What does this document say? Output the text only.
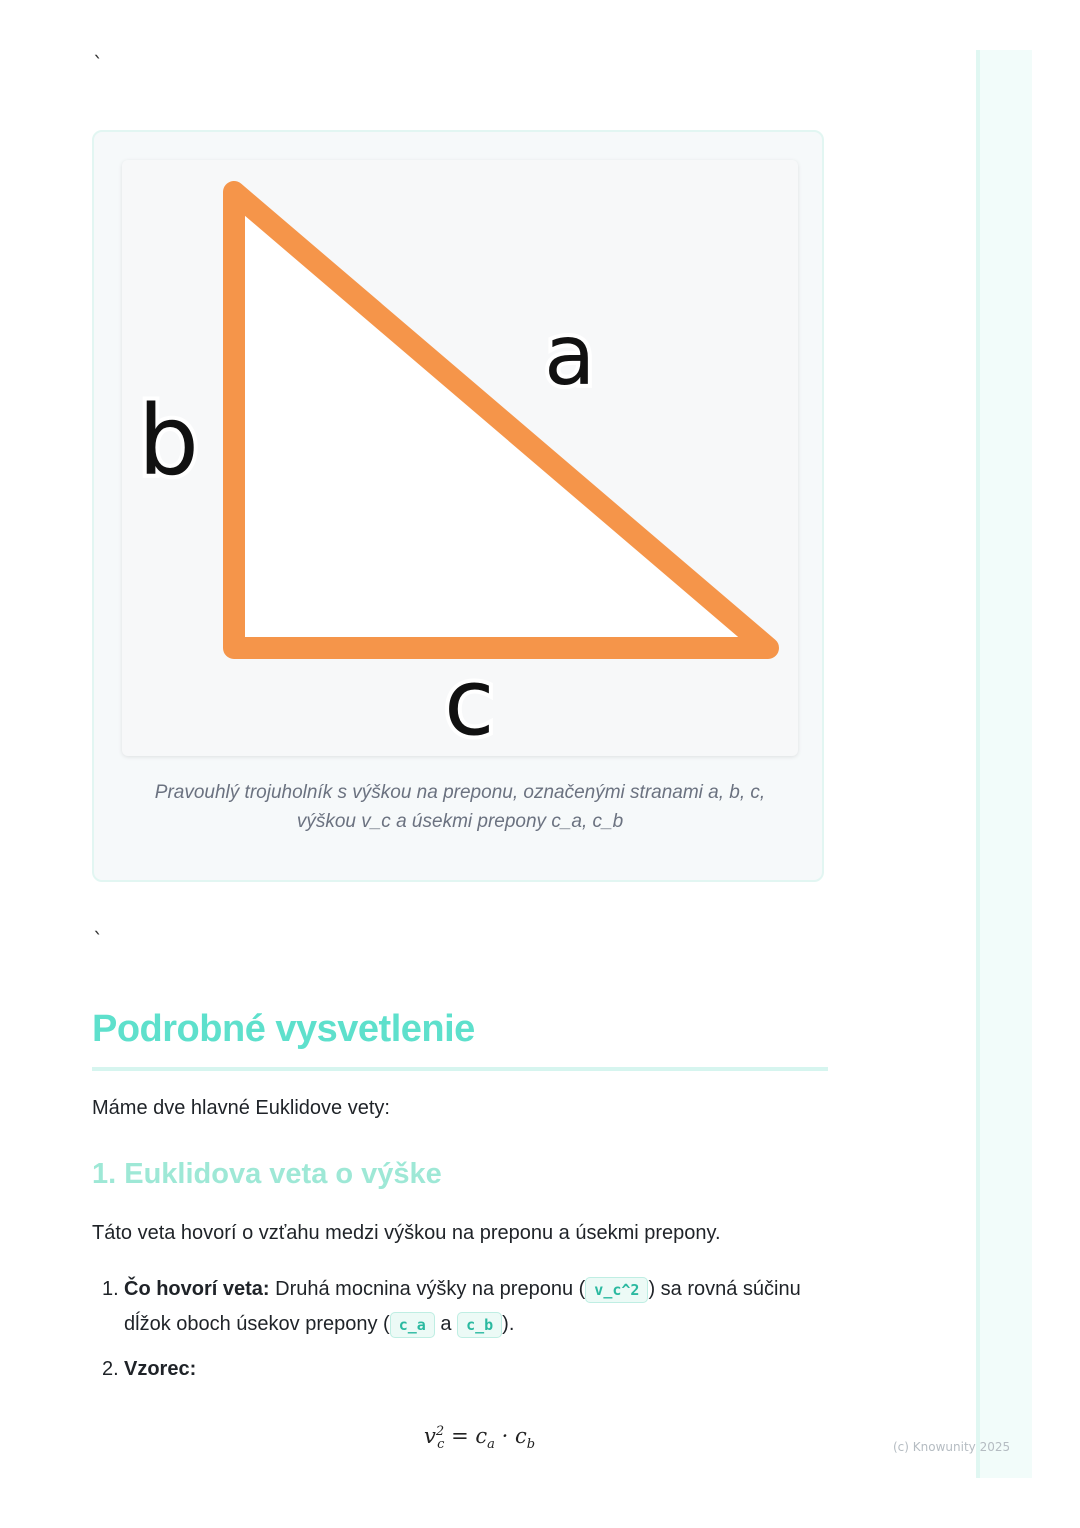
`
a
b
c
Pravouhlý trojuholník s výškou na preponu, označenými stranami a, b, c,
výškou v_c a úsekmi prepony c_a, c_b
`
Podrobné vysvetlenie

Máme dve hlavné Euklidove vety:

1. Euklidova veta o výške

Táto veta hovorí o vzťahu medzi výškou na preponu a úsekmi prepony.

1. Čo hovorí veta: Druhá mocnina výšky na preponu ( v_c^2 ) sa rovná súčinu dĺžok oboch úsekov prepony ( c_a a c_b ).
2. Vzorec:
$v^2_c = c_a \cdot c_b$	(c) Knowunity 2025
